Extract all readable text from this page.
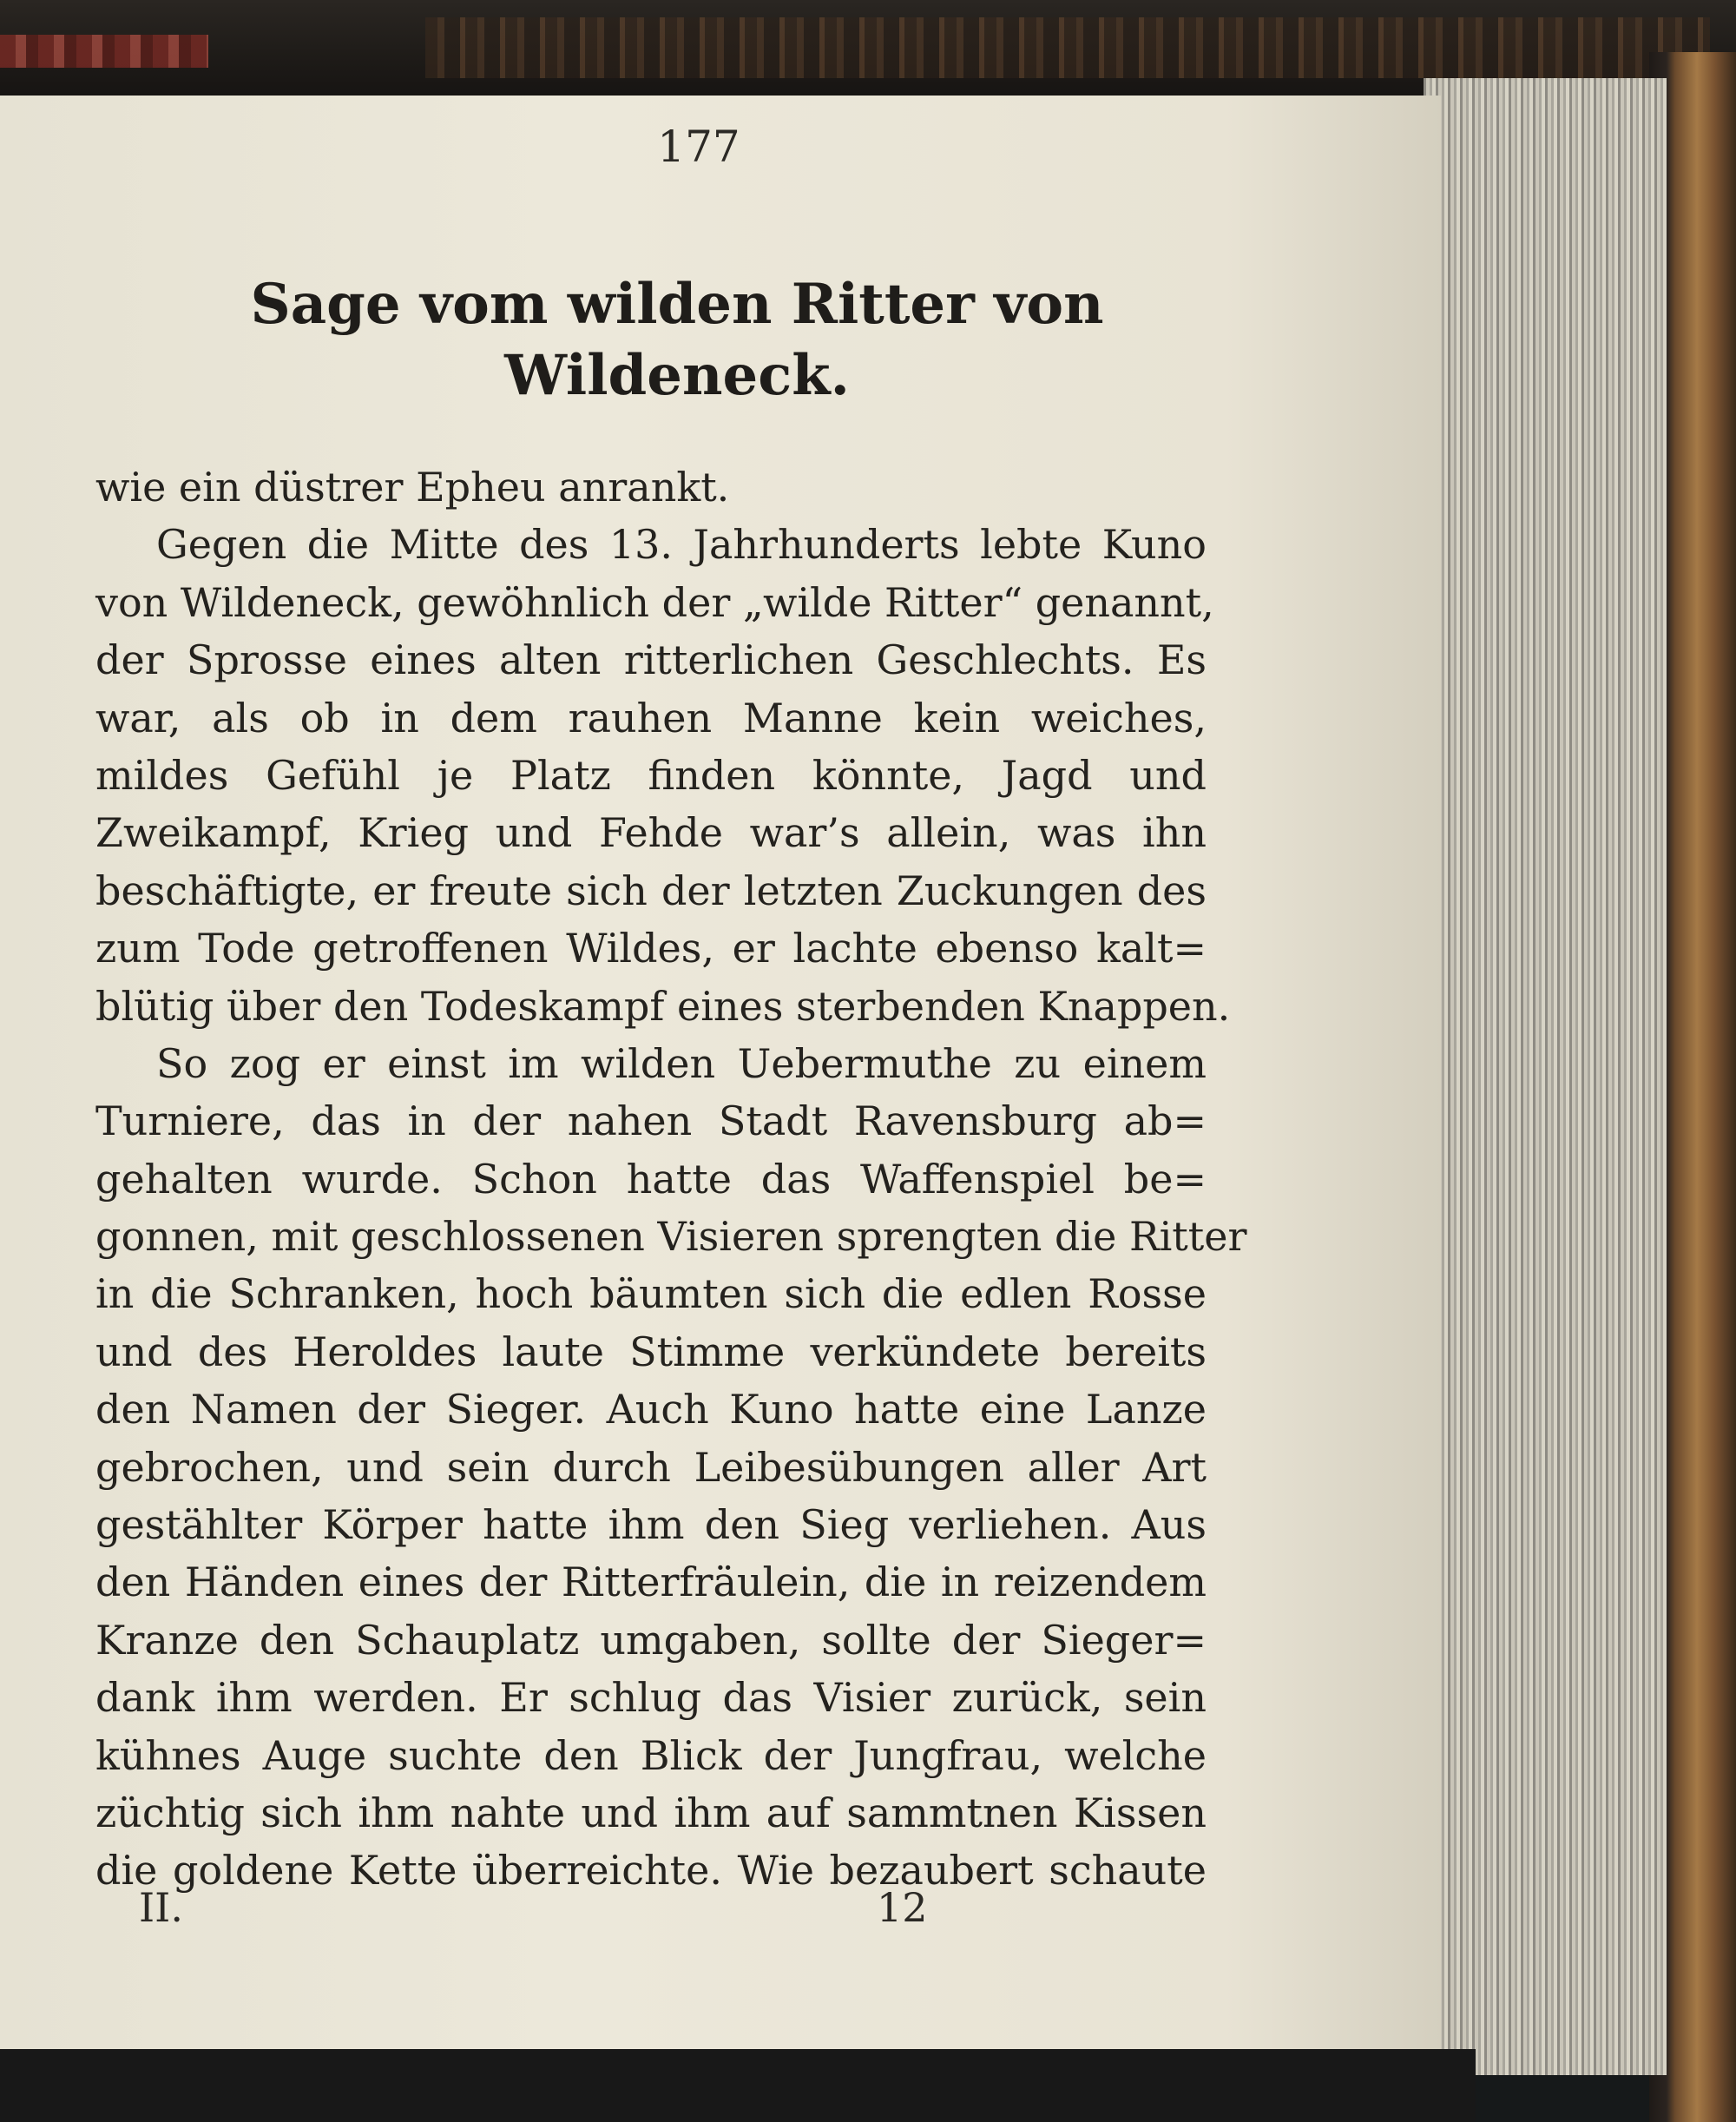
177
Sage vom wilden Ritter von
Wildeneck.
wie ein düstrer Epheu anrankt.
Gegen die Mitte des 13. Jahrhunderts lebte Kuno
von Wildeneck, gewöhnlich der „wilde Ritter“ genannt,
der Sprosse eines alten ritterlichen Geschlechts. Es
war, als ob in dem rauhen Manne kein weiches,
mildes Gefühl je Platz finden könnte, Jagd und
Zweikampf, Krieg und Fehde war’s allein, was ihn
beschäftigte, er freute sich der letzten Zuckungen des
zum Tode getroffenen Wildes, er lachte ebenso kalt=
blütig über den Todeskampf eines sterbenden Knappen.
So zog er einst im wilden Uebermuthe zu einem
Turniere, das in der nahen Stadt Ravensburg ab=
gehalten wurde. Schon hatte das Waffenspiel be=
gonnen, mit geschlossenen Visieren sprengten die Ritter
in die Schranken, hoch bäumten sich die edlen Rosse
und des Heroldes laute Stimme verkündete bereits
den Namen der Sieger. Auch Kuno hatte eine Lanze
gebrochen, und sein durch Leibesübungen aller Art
gestählter Körper hatte ihm den Sieg verliehen. Aus
den Händen eines der Ritterfräulein, die in reizendem
Kranze den Schauplatz umgaben, sollte der Sieger=
dank ihm werden. Er schlug das Visier zurück, sein
kühnes Auge suchte den Blick der Jungfrau, welche
züchtig sich ihm nahte und ihm auf sammtnen Kissen
die goldene Kette überreichte. Wie bezaubert schaute
II.	12
